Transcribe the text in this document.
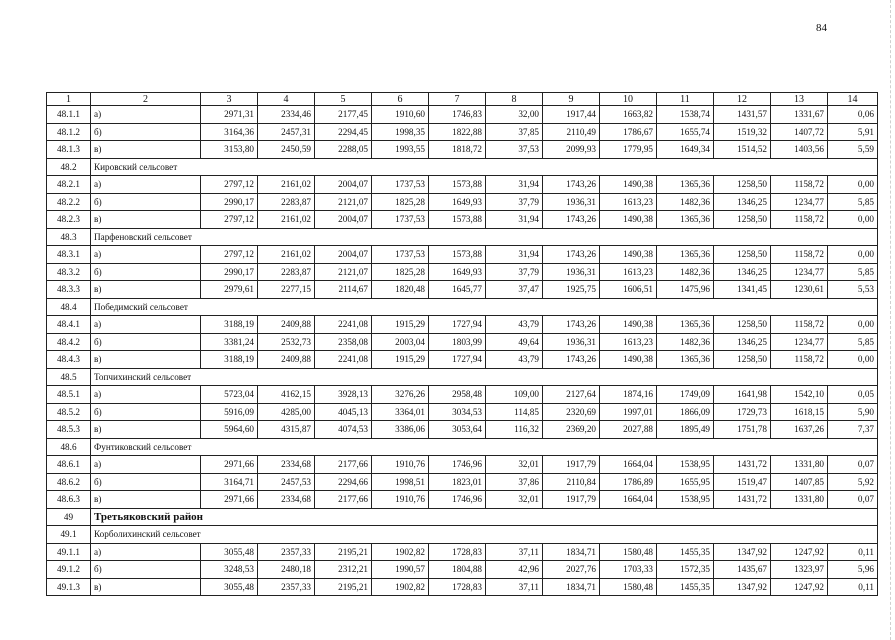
84
1	2	3	4	5	6	7	8	9	10	11	12	13	14
48.1.1	а)	2971,31	2334,46	2177,45	1910,60	1746,83	32,00	1917,44	1663,82	1538,74	1431,57	1331,67	0,06
48.1.2	б)	3164,36	2457,31	2294,45	1998,35	1822,88	37,85	2110,49	1786,67	1655,74	1519,32	1407,72	5,91
48.1.3	в)	3153,80	2450,59	2288,05	1993,55	1818,72	37,53	2099,93	1779,95	1649,34	1514,52	1403,56	5,59
48.2	Кировский сельсовет												
48.2.1	а)	2797,12	2161,02	2004,07	1737,53	1573,88	31,94	1743,26	1490,38	1365,36	1258,50	1158,72	0,00
48.2.2	б)	2990,17	2283,87	2121,07	1825,28	1649,93	37,79	1936,31	1613,23	1482,36	1346,25	1234,77	5,85
48.2.3	в)	2797,12	2161,02	2004,07	1737,53	1573,88	31,94	1743,26	1490,38	1365,36	1258,50	1158,72	0,00
48.3	Парфеновский сельсовет												
48.3.1	а)	2797,12	2161,02	2004,07	1737,53	1573,88	31,94	1743,26	1490,38	1365,36	1258,50	1158,72	0,00
48.3.2	б)	2990,17	2283,87	2121,07	1825,28	1649,93	37,79	1936,31	1613,23	1482,36	1346,25	1234,77	5,85
48.3.3	в)	2979,61	2277,15	2114,67	1820,48	1645,77	37,47	1925,75	1606,51	1475,96	1341,45	1230,61	5,53
48.4	Победимский сельсовет												
48.4.1	а)	3188,19	2409,88	2241,08	1915,29	1727,94	43,79	1743,26	1490,38	1365,36	1258,50	1158,72	0,00
48.4.2	б)	3381,24	2532,73	2358,08	2003,04	1803,99	49,64	1936,31	1613,23	1482,36	1346,25	1234,77	5,85
48.4.3	в)	3188,19	2409,88	2241,08	1915,29	1727,94	43,79	1743,26	1490,38	1365,36	1258,50	1158,72	0,00
48.5	Топчихинский сельсовет												
48.5.1	а)	5723,04	4162,15	3928,13	3276,26	2958,48	109,00	2127,64	1874,16	1749,09	1641,98	1542,10	0,05
48.5.2	б)	5916,09	4285,00	4045,13	3364,01	3034,53	114,85	2320,69	1997,01	1866,09	1729,73	1618,15	5,90
48.5.3	в)	5964,60	4315,87	4074,53	3386,06	3053,64	116,32	2369,20	2027,88	1895,49	1751,78	1637,26	7,37
48.6	Фунтиковский сельсовет												
48.6.1	а)	2971,66	2334,68	2177,66	1910,76	1746,96	32,01	1917,79	1664,04	1538,95	1431,72	1331,80	0,07
48.6.2	б)	3164,71	2457,53	2294,66	1998,51	1823,01	37,86	2110,84	1786,89	1655,95	1519,47	1407,85	5,92
48.6.3	в)	2971,66	2334,68	2177,66	1910,76	1746,96	32,01	1917,79	1664,04	1538,95	1431,72	1331,80	0,07
49	Третьяковский район												
49.1	Корболихинский сельсовет												
49.1.1	а)	3055,48	2357,33	2195,21	1902,82	1728,83	37,11	1834,71	1580,48	1455,35	1347,92	1247,92	0,11
49.1.2	б)	3248,53	2480,18	2312,21	1990,57	1804,88	42,96	2027,76	1703,33	1572,35	1435,67	1323,97	5,96
49.1.3	в)	3055,48	2357,33	2195,21	1902,82	1728,83	37,11	1834,71	1580,48	1455,35	1347,92	1247,92	0,11
